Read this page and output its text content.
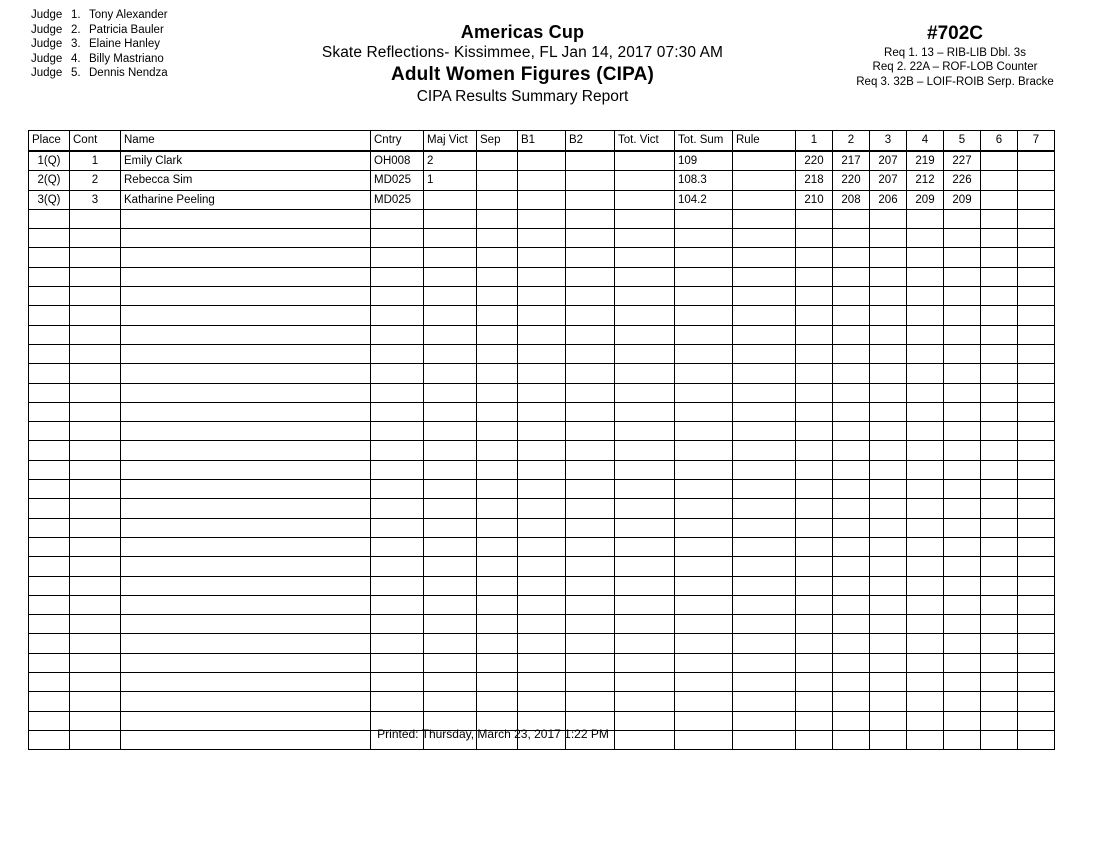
Judge 1. Tony Alexander
Judge 2. Patricia Bauler
Judge 3. Elaine Hanley
Judge 4. Billy Mastriano
Judge 5. Dennis Nendza
Americas Cup
Skate Reflections- Kissimmee, FL Jan 14, 2017 07:30 AM
Adult Women Figures (CIPA)
CIPA Results Summary Report
#702C
Req 1. 13 – RIB-LIB Dbl. 3s
Req 2. 22A – ROF-LOB Counter
Req 3. 32B – LOIF-ROIB Serp. Bracke
Place	Cont	Name	Cntry	Maj Vict	Sep	B1	B2	Tot. Vict	Tot. Sum	Rule	1	2	3	4	5	6	7
1(Q)	1	Emily Clark	OH008	2					109		220	217	207	219	227		
2(Q)	2	Rebecca Sim	MD025	1					108.3		218	220	207	212	226		
3(Q)	3	Katharine Peeling	MD025						104.2		210	208	206	209	209		

Printed: Thursday, March 23, 2017 1:22 PM
